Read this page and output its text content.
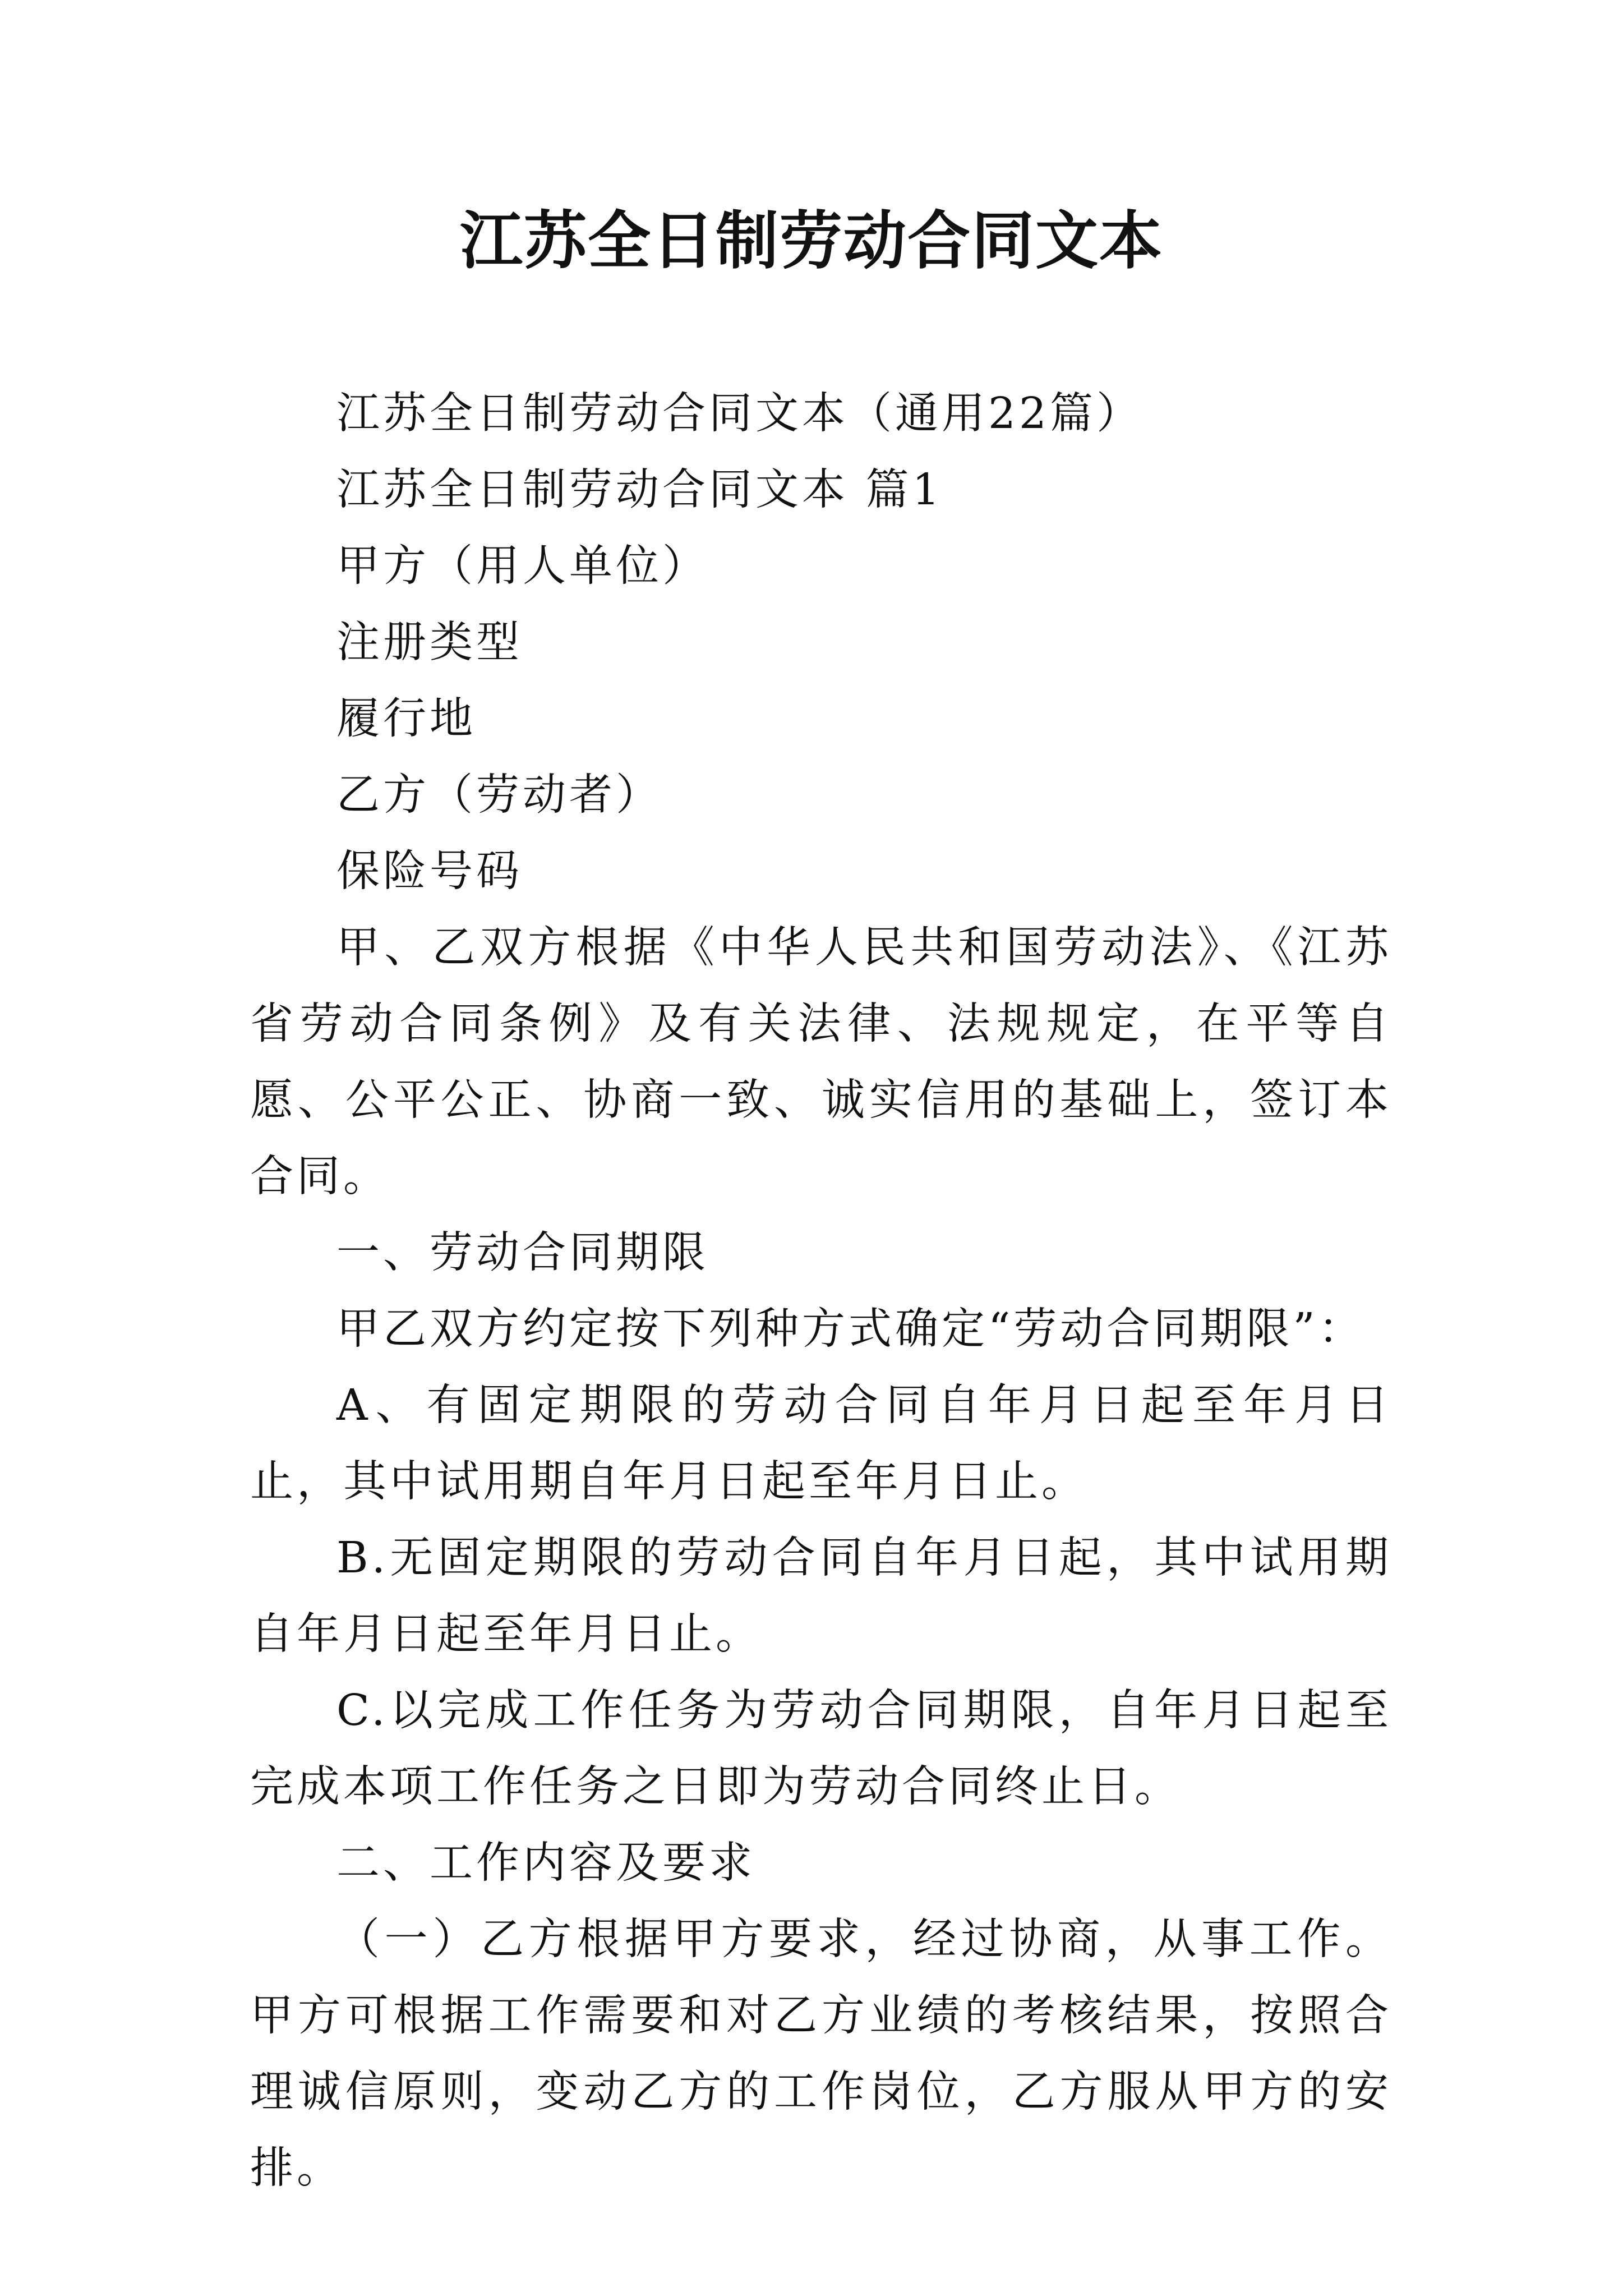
江苏全日制劳动合同文本

江苏全日制劳动合同文本（通用22篇）

江苏全日制劳动合同文本 篇1

甲方（用人单位）

注册类型

履行地

乙方（劳动者）

保险号码

甲、乙双方根据《中华人民共和国劳动法》、《江苏省劳动合同条例》及有关法律、法规规定，在平等自愿、公平公正、协商一致、诚实信用的基础上，签订本合同。

一、劳动合同期限

甲乙双方约定按下列种方式确定“劳动合同期限”：

A、有固定期限的劳动合同自年月日起至年月日止，其中试用期自年月日起至年月日止。

B.无固定期限的劳动合同自年月日起，其中试用期自年月日起至年月日止。

C.以完成工作任务为劳动合同期限，自年月日起至完成本项工作任务之日即为劳动合同终止日。

二、工作内容及要求

（一）乙方根据甲方要求，经过协商，从事工作。甲方可根据工作需要和对乙方业绩的考核结果，按照合理诚信原则，变动乙方的工作岗位，乙方服从甲方的安排。
